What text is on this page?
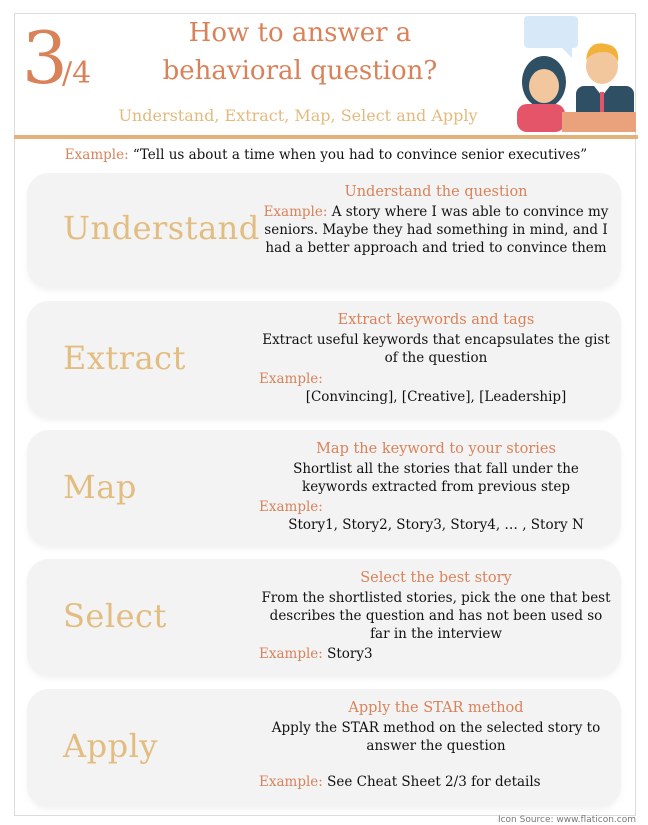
3
/4
How to answer a
behavioral question?
Understand, Extract, Map, Select and Apply
Example: “Tell us about a time when you had to convince senior executives”
Understand
Understand the question
Example: A story where I was able to convince my seniors. Maybe they had something in mind, and I had a better approach and tried to convince them
Extract
Extract keywords and tags
Extract useful keywords that encapsulates the gist of the question
Example:
[Convincing], [Creative], [Leadership]
Map
Map the keyword to your stories
Shortlist all the stories that fall under the keywords extracted from previous step
Example:
Story1, Story2, Story3, Story4, … , Story N
Select
Select the best story
From the shortlisted stories, pick the one that best describes the question and has not been used so far in the interview
Example: Story3
Apply
Apply the STAR method
Apply the STAR method on the selected story to answer the question
Example: See Cheat Sheet 2/3 for details
Icon Source: www.flaticon.com
